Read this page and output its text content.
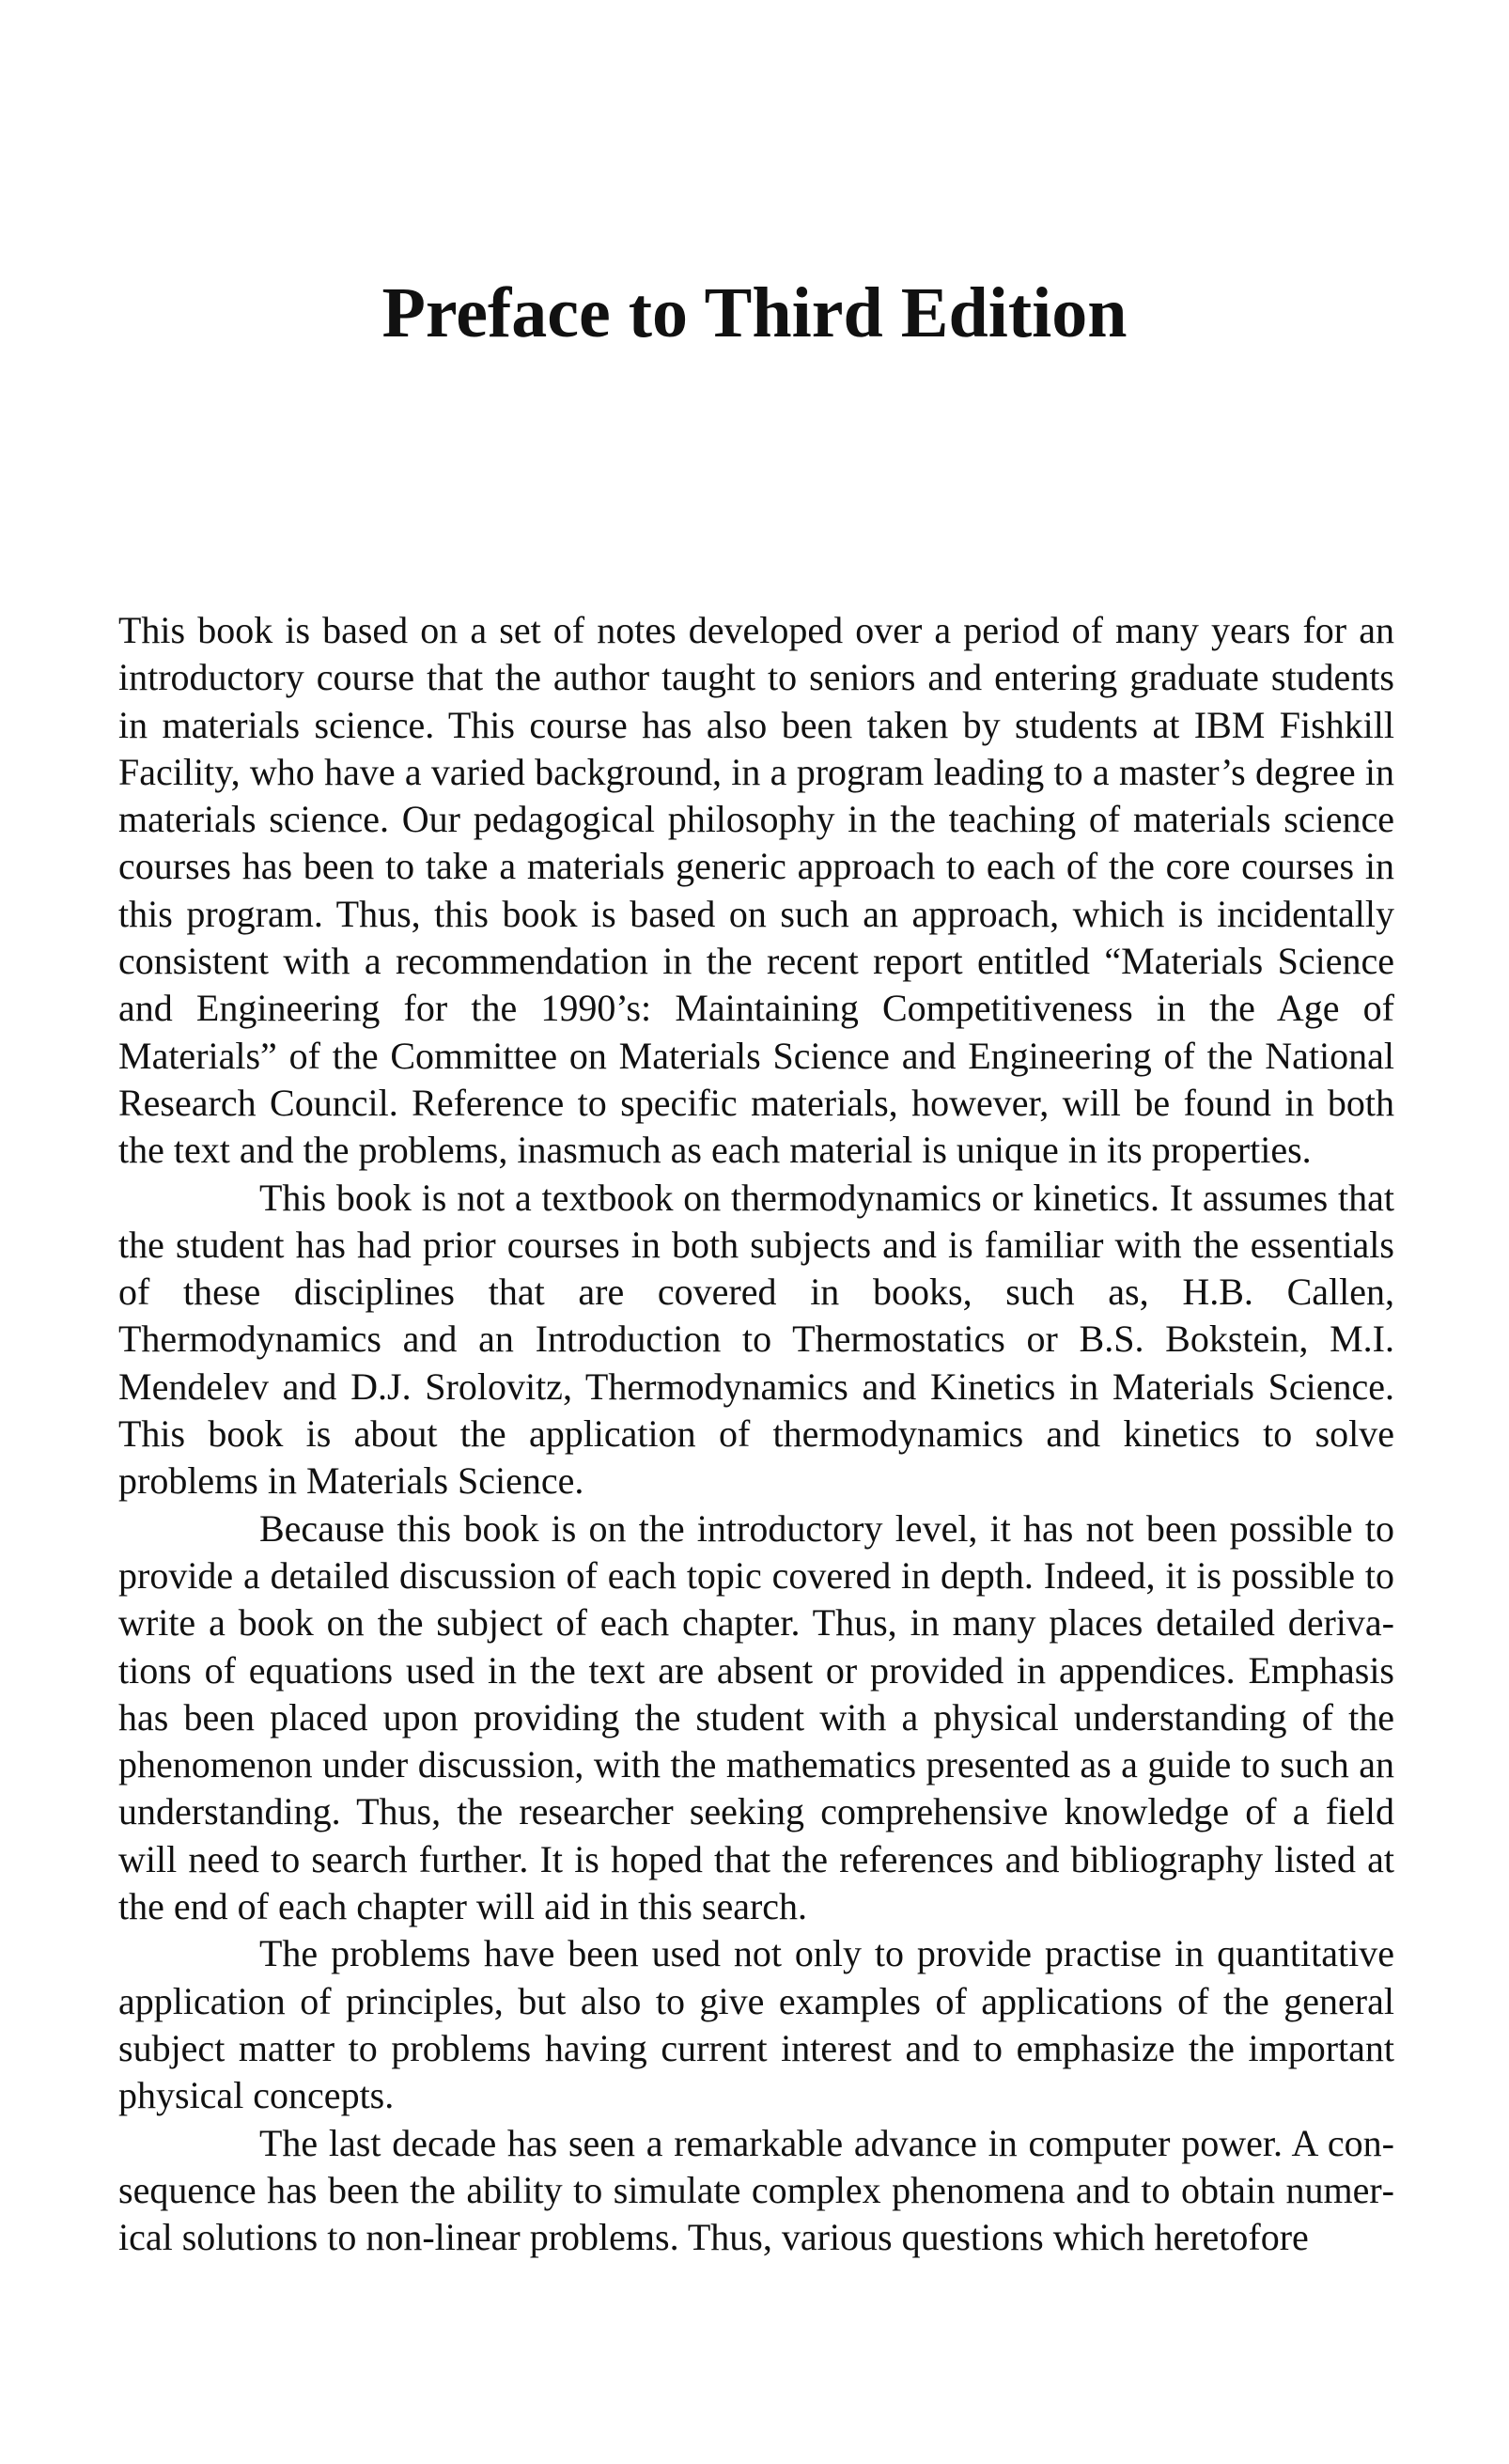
Preface to Third Edition

This book is based on a set of notes developed over a period of many years for an introductory course that the author taught to seniors and entering graduate students in materials science. This course has also been taken by students at IBM Fishkill Facility, who have a varied background, in a program leading to a master’s degree in materials science. Our pedagogical philosophy in the teaching of materials science courses has been to take a materials generic approach to each of the core courses in this program. Thus, this book is based on such an approach, which is incidentally consistent with a recommendation in the recent report entitled “Materials Science and Engineering for the 1990’s: Maintaining Competitiveness in the Age of Materials” of the Committee on Materials Science and Engineering of the National Research Council. Reference to specific materials, however, will be found in both the text and the problems, inasmuch as each material is unique in its properties.

This book is not a textbook on thermodynamics or kinetics. It assumes that the student has had prior courses in both subjects and is familiar with the essentials of these disciplines that are covered in books, such as, H.B. Callen, Thermodynamics and an Introduction to Thermostatics or B.S. Bokstein, M.I. Mendelev and D.J. Srolovitz, Thermodynamics and Kinetics in Materials Science. This book is about the application of thermodynamics and kinetics to solve problems in Materials Science.

Because this book is on the introductory level, it has not been possible to provide a detailed discussion of each topic covered in depth. Indeed, it is possible to write a book on the subject of each chapter. Thus, in many places detailed derivations of equations used in the text are absent or provided in appendices. Emphasis has been placed upon providing the student with a physical understanding of the phenomenon under discussion, with the mathematics presented as a guide to such an understanding. Thus, the researcher seeking comprehensive knowledge of a field will need to search further. It is hoped that the references and bibliography listed at the end of each chapter will aid in this search.

The problems have been used not only to provide practise in quantitative application of principles, but also to give examples of applications of the general subject matter to problems having current interest and to emphasize the important physical concepts.

The last decade has seen a remarkable advance in computer power. A consequence has been the ability to simulate complex phenomena and to obtain numerical solutions to non-linear problems. Thus, various questions which heretofore
